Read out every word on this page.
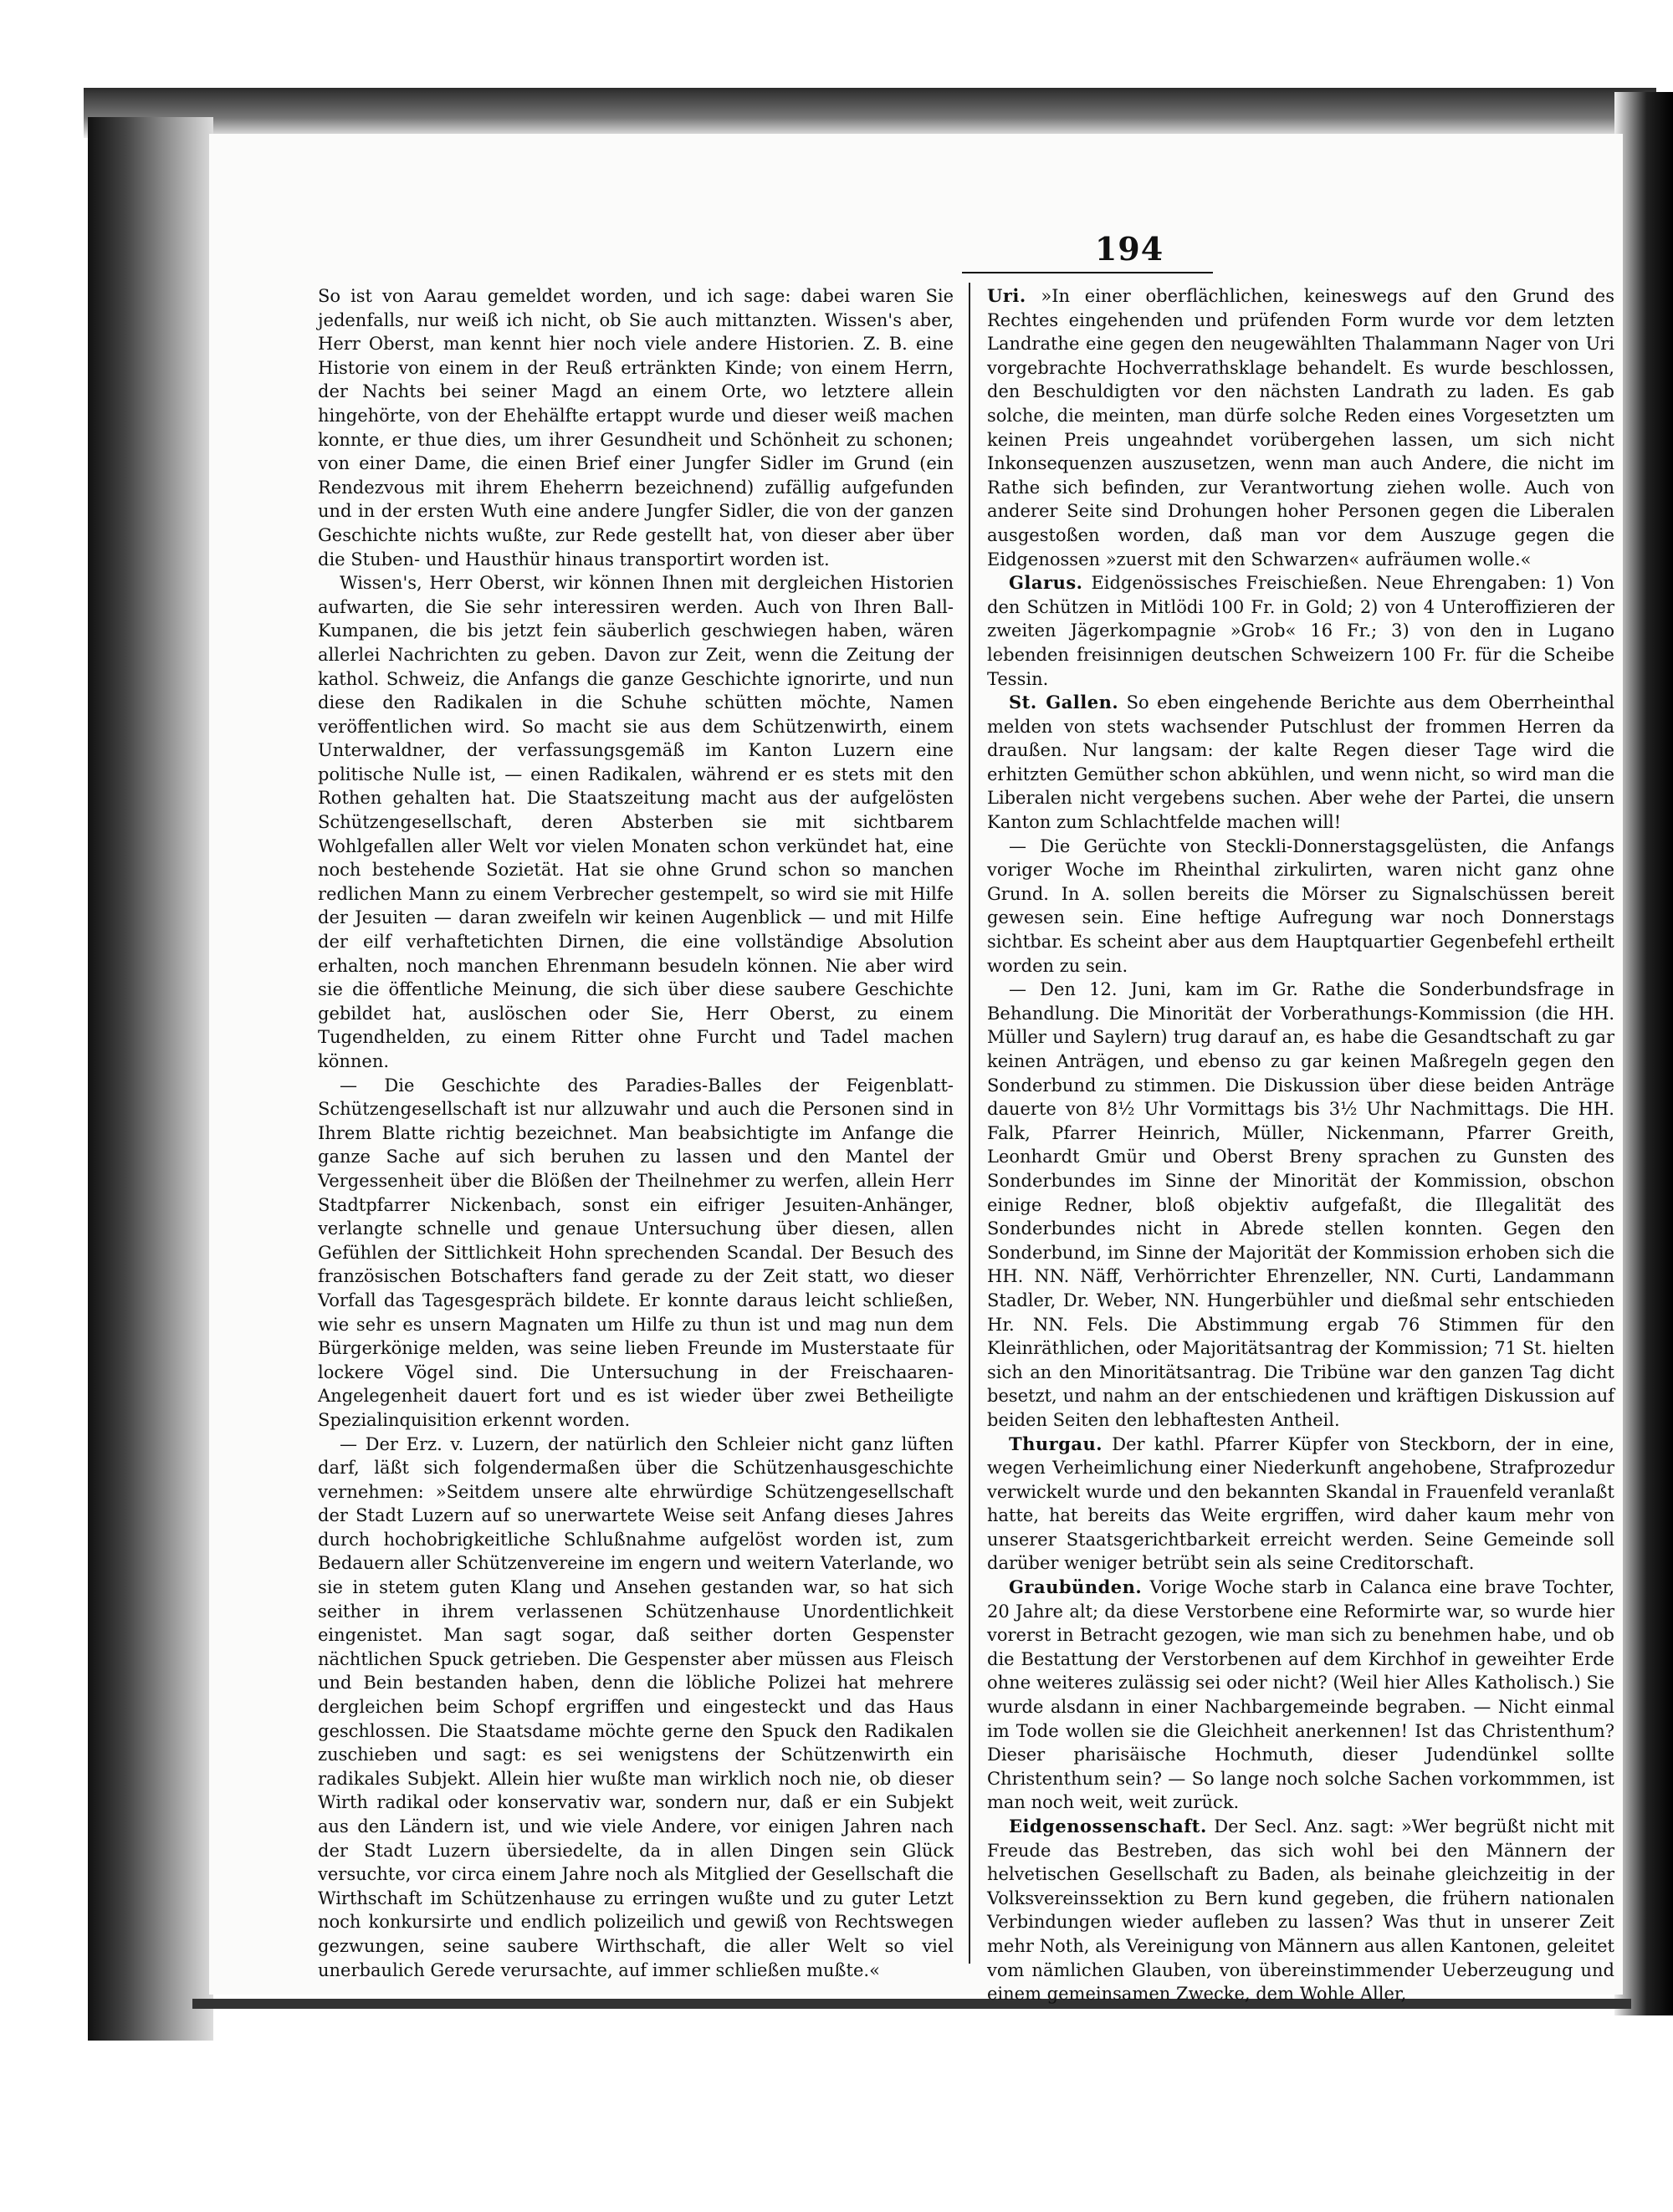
194

So ist von Aarau gemeldet worden, und ich sage: dabei waren Sie jedenfalls, nur weiß ich nicht, ob Sie auch mittanzten. Wissen's aber, Herr Oberst, man kennt hier noch viele andere Historien. Z. B. eine Historie von einem in der Reuß ertränkten Kinde; von einem Herrn, der Nachts bei seiner Magd an einem Orte, wo letztere allein hingehörte, von der Ehehälfte ertappt wurde und dieser weiß machen konnte, er thue dies, um ihrer Gesundheit und Schönheit zu schonen; von einer Dame, die einen Brief einer Jungfer Sidler im Grund (ein Rendezvous mit ihrem Eheherrn bezeichnend) zufällig aufgefunden und in der ersten Wuth eine andere Jungfer Sidler, die von der ganzen Geschichte nichts wußte, zur Rede gestellt hat, von dieser aber über die Stuben- und Hausthür hinaus transportirt worden ist.

Wissen's, Herr Oberst, wir können Ihnen mit dergleichen Historien aufwarten, die Sie sehr interessiren werden. Auch von Ihren Ball-Kumpanen, die bis jetzt fein säuberlich geschwiegen haben, wären allerlei Nachrichten zu geben. Davon zur Zeit, wenn die Zeitung der kathol. Schweiz, die Anfangs die ganze Geschichte ignorirte, und nun diese den Radikalen in die Schuhe schütten möchte, Namen veröffentlichen wird. So macht sie aus dem Schützenwirth, einem Unterwaldner, der verfassungsgemäß im Kanton Luzern eine politische Nulle ist, — einen Radikalen, während er es stets mit den Rothen gehalten hat. Die Staatszeitung macht aus der aufgelösten Schützengesellschaft, deren Absterben sie mit sichtbarem Wohlgefallen aller Welt vor vielen Monaten schon verkündet hat, eine noch bestehende Sozietät. Hat sie ohne Grund schon so manchen redlichen Mann zu einem Verbrecher gestempelt, so wird sie mit Hilfe der Jesuiten — daran zweifeln wir keinen Augenblick — und mit Hilfe der eilf verhaftetichten Dirnen, die eine vollständige Absolution erhalten, noch manchen Ehrenmann besudeln können. Nie aber wird sie die öffentliche Meinung, die sich über diese saubere Geschichte gebildet hat, auslöschen oder Sie, Herr Oberst, zu einem Tugendhelden, zu einem Ritter ohne Furcht und Tadel machen können.

— Die Geschichte des Paradies-Balles der Feigenblatt-Schützengesellschaft ist nur allzuwahr und auch die Personen sind in Ihrem Blatte richtig bezeichnet. Man beabsichtigte im Anfange die ganze Sache auf sich beruhen zu lassen und den Mantel der Vergessenheit über die Blößen der Theilnehmer zu werfen, allein Herr Stadtpfarrer Nickenbach, sonst ein eifriger Jesuiten-Anhänger, verlangte schnelle und genaue Untersuchung über diesen, allen Gefühlen der Sittlichkeit Hohn sprechenden Scandal. Der Besuch des französischen Botschafters fand gerade zu der Zeit statt, wo dieser Vorfall das Tagesgespräch bildete. Er konnte daraus leicht schließen, wie sehr es unsern Magnaten um Hilfe zu thun ist und mag nun dem Bürgerkönige melden, was seine lieben Freunde im Musterstaate für lockere Vögel sind. Die Untersuchung in der Freischaaren-Angelegenheit dauert fort und es ist wieder über zwei Betheiligte Spezialinquisition erkennt worden.

— Der Erz. v. Luzern, der natürlich den Schleier nicht ganz lüften darf, läßt sich folgendermaßen über die Schützenhausgeschichte vernehmen: »Seitdem unsere alte ehrwürdige Schützengesellschaft der Stadt Luzern auf so unerwartete Weise seit Anfang dieses Jahres durch hochobrigkeitliche Schlußnahme aufgelöst worden ist, zum Bedauern aller Schützenvereine im engern und weitern Vaterlande, wo sie in stetem guten Klang und Ansehen gestanden war, so hat sich seither in ihrem verlassenen Schützenhause Unordentlichkeit eingenistet. Man sagt sogar, daß seither dorten Gespenster nächtlichen Spuck getrieben. Die Gespenster aber müssen aus Fleisch und Bein bestanden haben, denn die löbliche Polizei hat mehrere dergleichen beim Schopf ergriffen und eingesteckt und das Haus geschlossen. Die Staatsdame möchte gerne den Spuck den Radikalen zuschieben und sagt: es sei wenigstens der Schützenwirth ein radikales Subjekt. Allein hier wußte man wirklich noch nie, ob dieser Wirth radikal oder konservativ war, sondern nur, daß er ein Subjekt aus den Ländern ist, und wie viele Andere, vor einigen Jahren nach der Stadt Luzern übersiedelte, da in allen Dingen sein Glück versuchte, vor circa einem Jahre noch als Mitglied der Gesellschaft die Wirthschaft im Schützenhause zu erringen wußte und zu guter Letzt noch konkursirte und endlich polizeilich und gewiß von Rechtswegen gezwungen, seine saubere Wirthschaft, die aller Welt so viel unerbaulich Gerede verursachte, auf immer schließen mußte.«

Uri. »In einer oberflächlichen, keineswegs auf den Grund des Rechtes eingehenden und prüfenden Form wurde vor dem letzten Landrathe eine gegen den neugewählten Thalammann Nager von Uri vorgebrachte Hochverrathsklage behandelt. Es wurde beschlossen, den Beschuldigten vor den nächsten Landrath zu laden. Es gab solche, die meinten, man dürfe solche Reden eines Vorgesetzten um keinen Preis ungeahndet vorübergehen lassen, um sich nicht Inkonsequenzen auszusetzen, wenn man auch Andere, die nicht im Rathe sich befinden, zur Verantwortung ziehen wolle. Auch von anderer Seite sind Drohungen hoher Personen gegen die Liberalen ausgestoßen worden, daß man vor dem Auszuge gegen die Eidgenossen »zuerst mit den Schwarzen« aufräumen wolle.«

Glarus. Eidgenössisches Freischießen. Neue Ehrengaben: 1) Von den Schützen in Mitlödi 100 Fr. in Gold; 2) von 4 Unteroffizieren der zweiten Jägerkompagnie »Grob« 16 Fr.; 3) von den in Lugano lebenden freisinnigen deutschen Schweizern 100 Fr. für die Scheibe Tessin.

St. Gallen. So eben eingehende Berichte aus dem Oberrheinthal melden von stets wachsender Putschlust der frommen Herren da draußen. Nur langsam: der kalte Regen dieser Tage wird die erhitzten Gemüther schon abkühlen, und wenn nicht, so wird man die Liberalen nicht vergebens suchen. Aber wehe der Partei, die unsern Kanton zum Schlachtfelde machen will!

— Die Gerüchte von Steckli-Donnerstagsgelüsten, die Anfangs voriger Woche im Rheinthal zirkulirten, waren nicht ganz ohne Grund. In A. sollen bereits die Mörser zu Signalschüssen bereit gewesen sein. Eine heftige Aufregung war noch Donnerstags sichtbar. Es scheint aber aus dem Hauptquartier Gegenbefehl ertheilt worden zu sein.

— Den 12. Juni, kam im Gr. Rathe die Sonderbundsfrage in Behandlung. Die Minorität der Vorberathungs-Kommission (die HH. Müller und Saylern) trug darauf an, es habe die Gesandtschaft zu gar keinen Anträgen, und ebenso zu gar keinen Maßregeln gegen den Sonderbund zu stimmen. Die Diskussion über diese beiden Anträge dauerte von 8½ Uhr Vormittags bis 3½ Uhr Nachmittags. Die HH. Falk, Pfarrer Heinrich, Müller, Nickenmann, Pfarrer Greith, Leonhardt Gmür und Oberst Breny sprachen zu Gunsten des Sonderbundes im Sinne der Minorität der Kommission, obschon einige Redner, bloß objektiv aufgefaßt, die Illegalität des Sonderbundes nicht in Abrede stellen konnten. Gegen den Sonderbund, im Sinne der Majorität der Kommission erhoben sich die HH. NN. Näff, Verhörrichter Ehrenzeller, NN. Curti, Landammann Stadler, Dr. Weber, NN. Hungerbühler und dießmal sehr entschieden Hr. NN. Fels. Die Abstimmung ergab 76 Stimmen für den Kleinräthlichen, oder Majoritätsantrag der Kommission; 71 St. hielten sich an den Minoritätsantrag. Die Tribüne war den ganzen Tag dicht besetzt, und nahm an der entschiedenen und kräftigen Diskussion auf beiden Seiten den lebhaftesten Antheil.

Thurgau. Der kathl. Pfarrer Küpfer von Steckborn, der in eine, wegen Verheimlichung einer Niederkunft angehobene, Strafprozedur verwickelt wurde und den bekannten Skandal in Frauenfeld veranlaßt hatte, hat bereits das Weite ergriffen, wird daher kaum mehr von unserer Staatsgerichtbarkeit erreicht werden. Seine Gemeinde soll darüber weniger betrübt sein als seine Creditorschaft.

Graubünden. Vorige Woche starb in Calanca eine brave Tochter, 20 Jahre alt; da diese Verstorbene eine Reformirte war, so wurde hier vorerst in Betracht gezogen, wie man sich zu benehmen habe, und ob die Bestattung der Verstorbenen auf dem Kirchhof in geweihter Erde ohne weiteres zulässig sei oder nicht? (Weil hier Alles Katholisch.) Sie wurde alsdann in einer Nachbargemeinde begraben. — Nicht einmal im Tode wollen sie die Gleichheit anerkennen! Ist das Christenthum? Dieser pharisäische Hochmuth, dieser Judendünkel sollte Christenthum sein? — So lange noch solche Sachen vorkommmen, ist man noch weit, weit zurück.

Eidgenossenschaft. Der Secl. Anz. sagt: »Wer begrüßt nicht mit Freude das Bestreben, das sich wohl bei den Männern der helvetischen Gesellschaft zu Baden, als beinahe gleichzeitig in der Volksvereinssektion zu Bern kund gegeben, die frühern nationalen Verbindungen wieder aufleben zu lassen? Was thut in unserer Zeit mehr Noth, als Vereinigung von Männern aus allen Kantonen, geleitet vom nämlichen Glauben, von übereinstimmender Ueberzeugung und einem gemeinsamen Zwecke, dem Wohle Aller,
